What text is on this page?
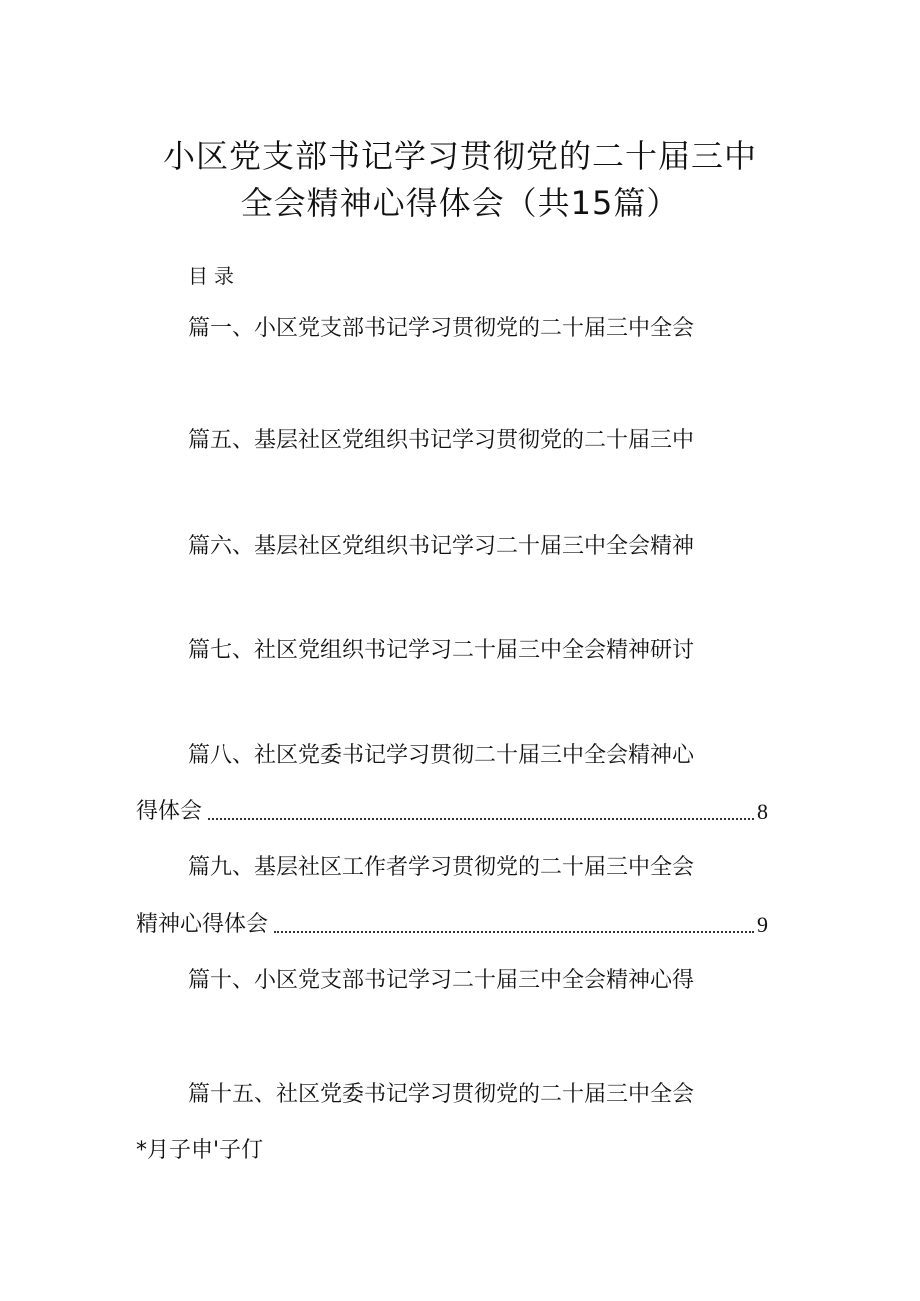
小区党支部书记学习贯彻党的二十届三中
全会精神心得体会（共15篇）
目录
篇一、小区党支部书记学习贯彻党的二十届三中全会
篇五、基层社区党组织书记学习贯彻党的二十届三中
篇六、基层社区党组织书记学习二十届三中全会精神
篇七、社区党组织书记学习二十届三中全会精神研讨
篇八、社区党委书记学习贯彻二十届三中全会精神心
得体会	8
篇九、基层社区工作者学习贯彻党的二十届三中全会
精神心得体会	9
篇十、小区党支部书记学习二十届三中全会精神心得
篇十五、社区党委书记学习贯彻党的二十届三中全会
*月子申'子仃
